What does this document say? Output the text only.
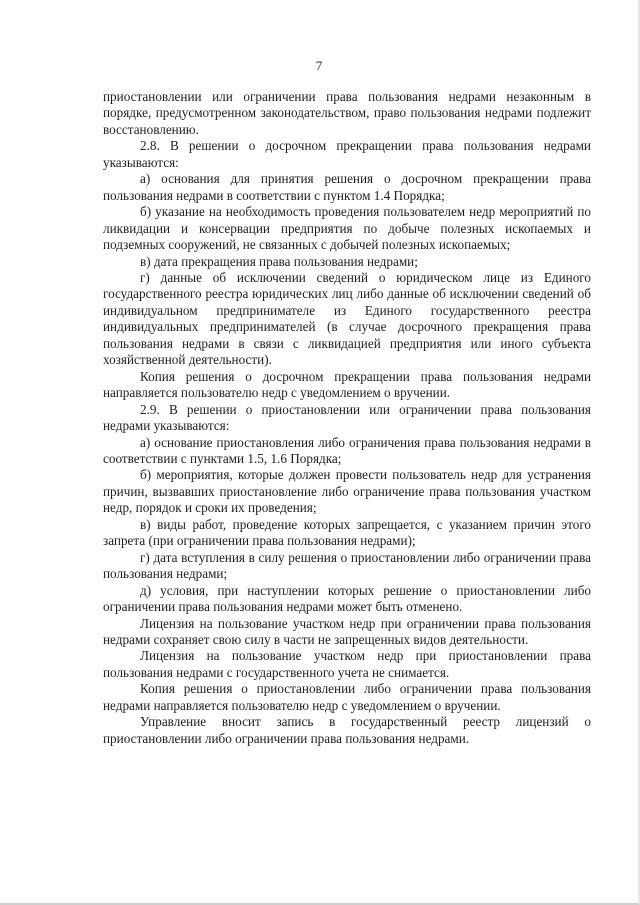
7

приостановлении или ограничении права пользования недрами незаконным в порядке, предусмотренном законодательством, право пользования недрами подлежит восстановлению.

2.8. В решении о досрочном прекращении права пользования недрами указываются:

а) основания для принятия решения о досрочном прекращении права пользования недрами в соответствии с пунктом 1.4 Порядка;

б) указание на необходимость проведения пользователем недр мероприятий по ликвидации и консервации предприятия по добыче полезных ископаемых и подземных сооружений, не связанных с добычей полезных ископаемых;

в) дата прекращения права пользования недрами;

г) данные об исключении сведений о юридическом лице из Единого государственного реестра юридических лиц либо данные об исключении сведений об индивидуальном предпринимателе из Единого государственного реестра индивидуальных предпринимателей (в случае досрочного прекращения права пользования недрами в связи с ликвидацией предприятия или иного субъекта хозяйственной деятельности).

Копия решения о досрочном прекращении права пользования недрами направляется пользователю недр с уведомлением о вручении.

2.9. В решении о приостановлении или ограничении права пользования недрами указываются:

а) основание приостановления либо ограничения права пользования недрами в соответствии с пунктами 1.5, 1.6 Порядка;

б) мероприятия, которые должен провести пользователь недр для устранения причин, вызвавших приостановление либо ограничение права пользования участком недр, порядок и сроки их проведения;

в) виды работ, проведение которых запрещается, с указанием причин этого запрета (при ограничении права пользования недрами);

г) дата вступления в силу решения о приостановлении либо ограничении права пользования недрами;

д) условия, при наступлении которых решение о приостановлении либо ограничении права пользования недрами может быть отменено.

Лицензия на пользование участком недр при ограничении права пользования недрами сохраняет свою силу в части не запрещенных видов деятельности.

Лицензия на пользование участком недр при приостановлении права пользования недрами с государственного учета не снимается.

Копия решения о приостановлении либо ограничении права пользования недрами направляется пользователю недр с уведомлением о вручении.

Управление вносит запись в государственный реестр лицензий о приостановлении либо ограничении права пользования недрами.
